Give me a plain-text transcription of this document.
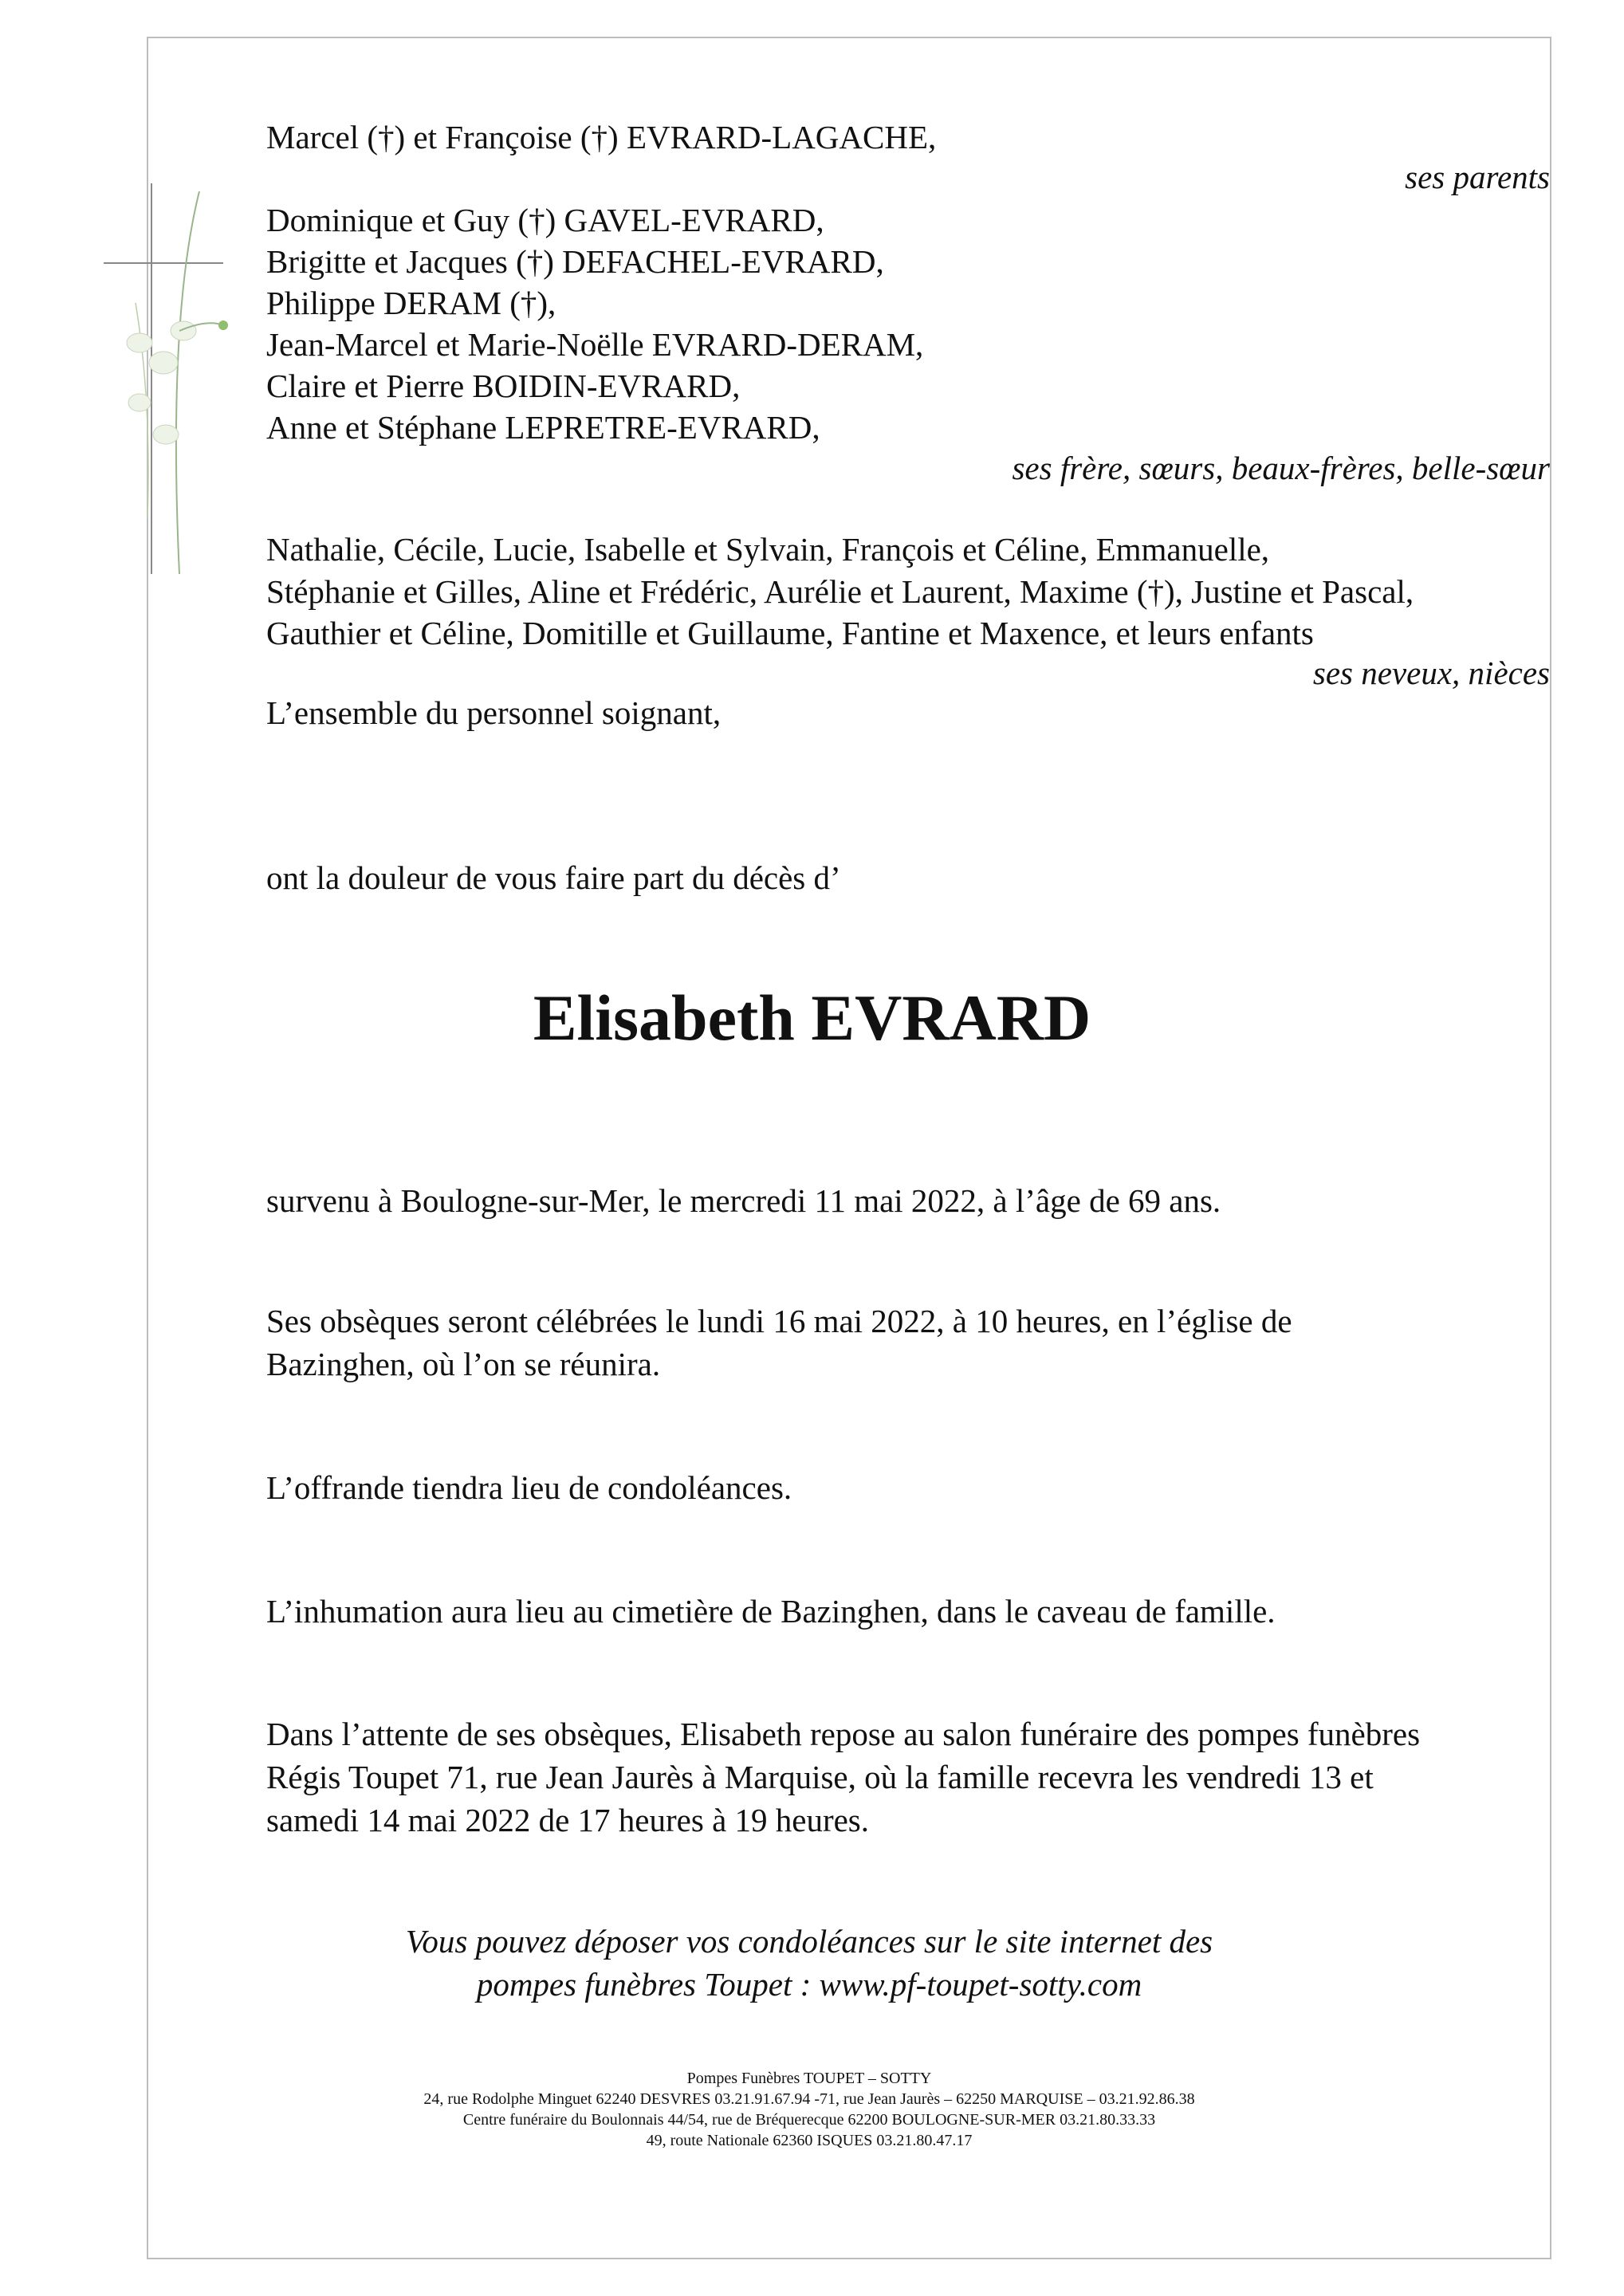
Marcel (†) et Françoise (†) EVRARD-LAGACHE,
ses parents
Dominique et Guy (†) GAVEL-EVRARD,
Brigitte et Jacques (†) DEFACHEL-EVRARD,
Philippe DERAM (†),
Jean-Marcel et Marie-Noëlle EVRARD-DERAM,
Claire et Pierre BOIDIN-EVRARD,
Anne et Stéphane LEPRETRE-EVRARD,
ses frère, sœurs, beaux-frères, belle-sœur
Nathalie, Cécile, Lucie, Isabelle et Sylvain, François et Céline, Emmanuelle,
Stéphanie et Gilles, Aline et Frédéric, Aurélie et Laurent, Maxime (†), Justine et Pascal,
Gauthier et Céline, Domitille et Guillaume, Fantine et Maxence, et leurs enfants
ses neveux, nièces
L’ensemble du personnel soignant,
ont la douleur de vous faire part du décès d’
Elisabeth EVRARD
survenu à Boulogne-sur-Mer, le mercredi 11 mai 2022, à l’âge de 69 ans.

Ses obsèques seront célébrées le lundi 16 mai 2022, à 10 heures, en l’église de

Bazinghen, où l’on se réunira.

L’offrande tiendra lieu de condoléances.
L’inhumation aura lieu au cimetière de Bazinghen, dans le caveau de famille.

Dans l’attente de ses obsèques, Elisabeth repose au salon funéraire des pompes funèbres

Régis Toupet 71, rue Jean Jaurès à Marquise, où la famille recevra les vendredi 13 et

samedi 14 mai 2022 de 17 heures à 19 heures.

Vous pouvez déposer vos condoléances sur le site internet des
pompes funèbres Toupet : www.pf-toupet-sotty.com
Pompes Funèbres TOUPET – SOTTY
24, rue Rodolphe Minguet 62240 DESVRES 03.21.91.67.94 -71, rue Jean Jaurès – 62250 MARQUISE – 03.21.92.86.38
Centre funéraire du Boulonnais 44/54, rue de Bréquerecque 62200 BOULOGNE-SUR-MER 03.21.80.33.33
49, route Nationale 62360 ISQUES 03.21.80.47.17
